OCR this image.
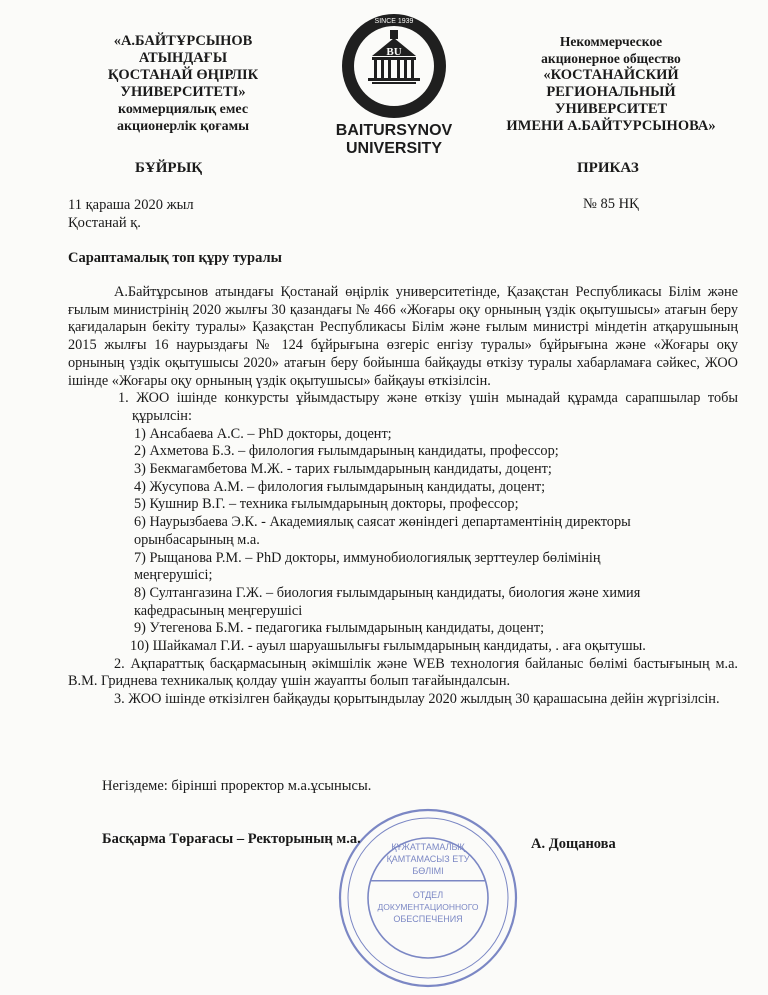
«А.БАЙТҰРСЫНОВ
АТЫНДАҒЫ
ҚОСТАНАЙ ӨҢІРЛІК
УНИВЕРСИТЕТІ»
коммерциялық емес
акционерлік қоғамы
BU
SINCE 1939
BAITURSYNOV
UNIVERSITY
Некоммерческое
акционерное общество
«КОСТАНАЙСКИЙ
РЕГИОНАЛЬНЫЙ
УНИВЕРСИТЕТ
ИМЕНИ А.БАЙТУРСЫНОВА»
БҰЙРЫҚ	ПРИКАЗ
11 қараша 2020 жыл
Қостанай қ.
№ 85 НҚ
Сараптамалық топ құру туралы

А.Байтұрсынов атындағы Қостанай өңірлік университетінде, Қазақстан Республикасы Білім және ғылым министрінің 2020 жылғы 30 қазандағы № 466 «Жоғары оқу орнының үздік оқытушысы» атағын беру қағидаларын бекіту туралы» Қазақстан Республикасы Білім және ғылым министрі міндетін атқарушының 2015 жылғы 16 наурыздағы № 124 бұйрығына өзгеріс енгізу туралы» бұйрығына және «Жоғары оқу орнының үздік оқытушысы 2020» атағын беру бойынша байқауды өткізу туралы хабарламаға сәйкес, ЖОО ішінде «Жоғары оқу орнының үздік оқытушысы» байқауы өткізілсін.

1. ЖОО ішінде конкурсты ұйымдастыру және өткізу үшін мынадай құрамда сарапшылар тобы құрылсін:

1) Ансабаева А.С. – PhD докторы, доцент;

2) Ахметова Б.З. – филология ғылымдарының кандидаты, профессор;

3) Бекмагамбетова М.Ж. - тарих ғылымдарының кандидаты, доцент;

4) Жусупова А.М. – филология ғылымдарының кандидаты, доцент;

5) Кушнир В.Г. – техника ғылымдарының докторы, профессор;

6) Наурызбаева Э.К. - Академиялық саясат жөніндегі департаментінің директоры орынбасарының м.а.

7) Рыщанова Р.М. – PhD докторы, иммунобиологиялық зерттеулер бөлімінің меңгерушісі;

8) Султангазина Г.Ж. – биология ғылымдарының кандидаты, биология және химия кафедрасының меңгерушісі

9) Утегенова Б.М. - педагогика ғылымдарының кандидаты, доцент;

10) Шайкамал Г.И. - ауыл шаруашылығы ғылымдарының кандидаты, . аға оқытушы.

2. Ақпараттық басқармасының әкімшілік және WEB технология байланыс бөлімі бастығының м.а. В.М. Гриднева техникалық қолдау үшін жауапты болып тағайындалсын.

3. ЖОО ішінде өткізілген байқауды қорытындылау 2020 жылдың 30 қарашасына дейін жүргізілсін.

Негіздеме: бірінші проректор м.а.ұсынысы.
ҚҰЖАТТАМАЛЫҚ
ҚАМТАМАСЫЗ ЕТУ
БӨЛІМІ
ОТДЕЛ
ДОКУМЕНТАЦИОННОГО
ОБЕСПЕЧЕНИЯ
Басқарма Төрағасы – Ректорының м.а.	А. Дощанова
